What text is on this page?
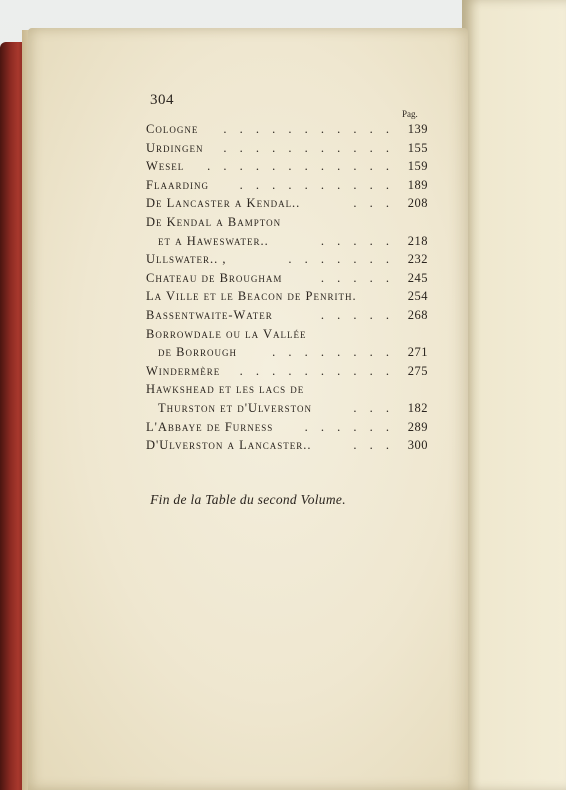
304
Pag.
Cologne . . . . . . . . . . . 139
Urdingen . . . . . . . . . . . 155
Wesel . . . . . . . . . . . . 159
Flaarding . . . . . . . . . . 189
De Lancaster a Kendal..	. . . 208
De Kendal a Bampton
et a Haweswater..	. . . . . 218
Ullswater.. ,	. . . . . . . 232
Chateau de Brougham	. . . . . 245
La Ville et le Beacon de Penrith.	254
Bassentwaite-Water	. . . . . 268
Borrowdale ou la Vallée
de Borrough	. . . . . . . . 271
Windermère . . . . . . . . . . 275
Hawkshead et les lacs de
Thurston et d'Ulverston	. . . 182
L'Abbaye de Furness	. . . . . . 289
D'Ulverston a Lancaster..	. . . 300
Fin de la Table du second Volume.
